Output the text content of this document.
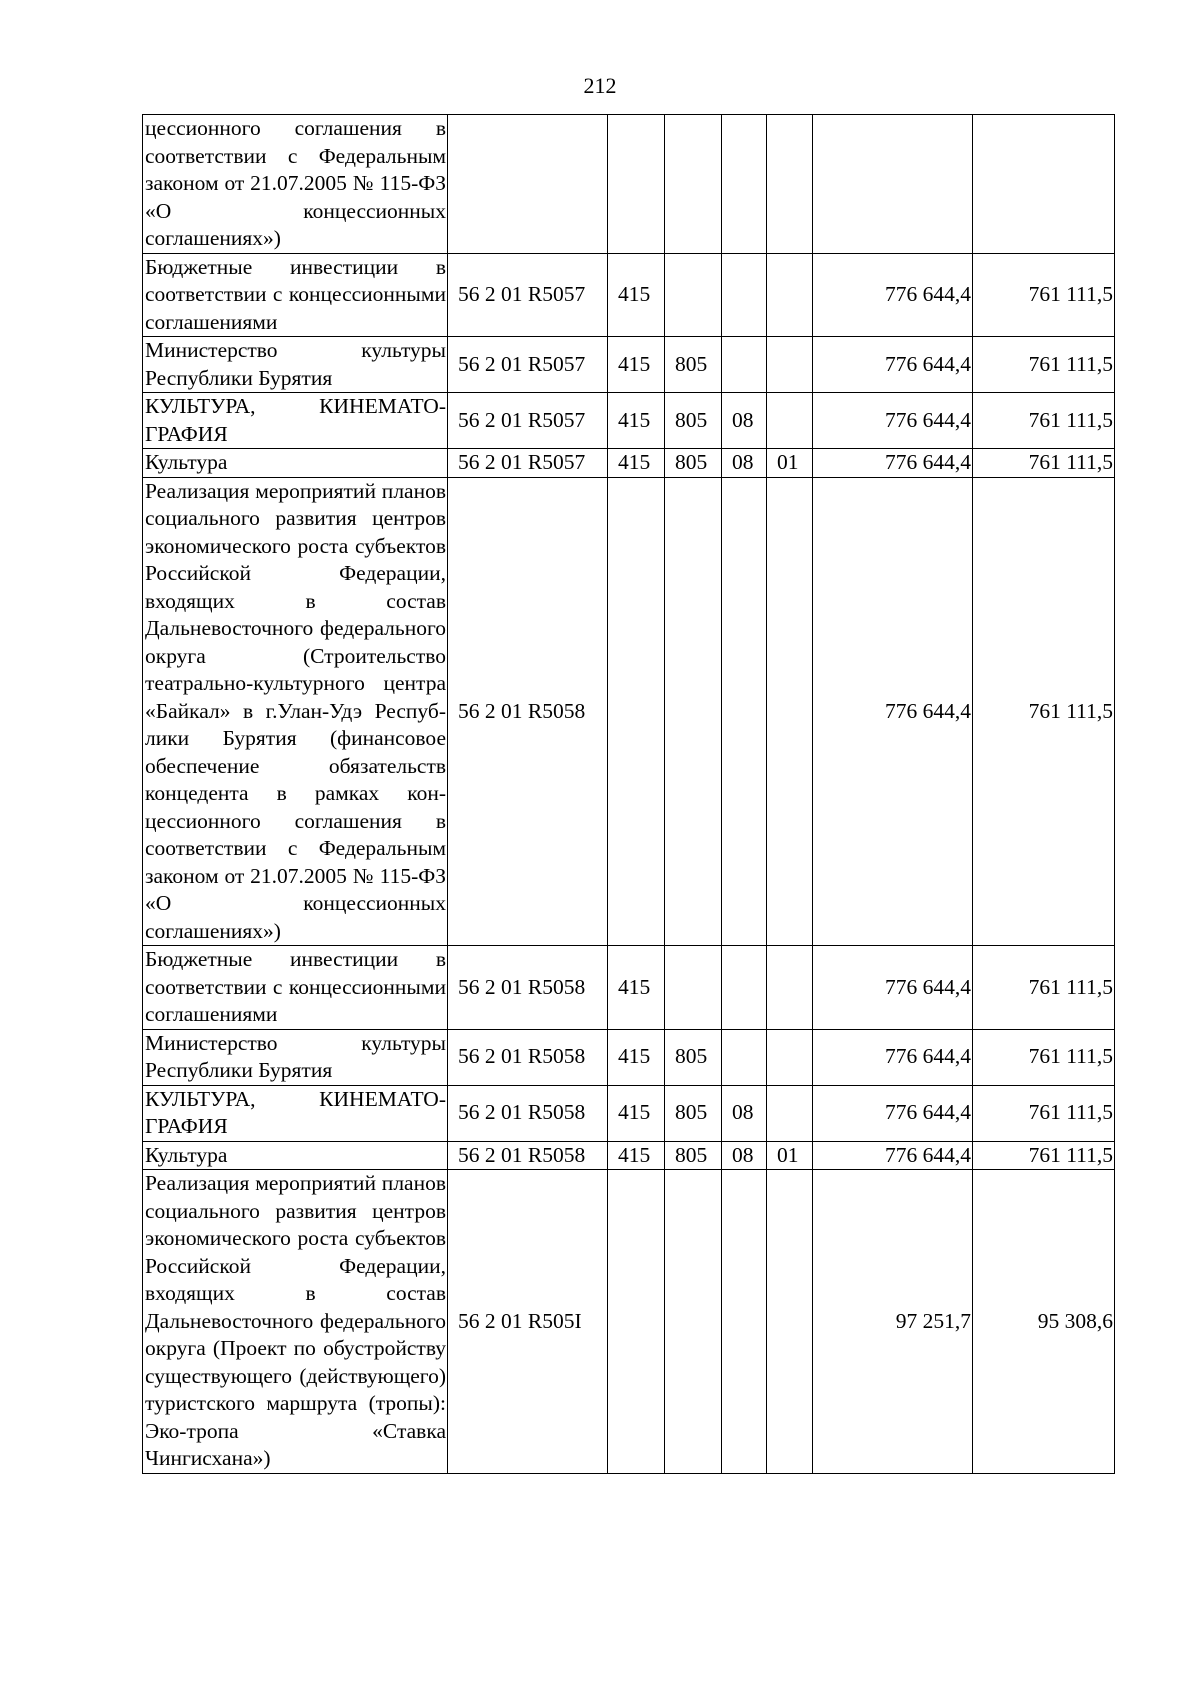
212
цессионного соглашения в соответствии с Федеральным законом от 21.07.2005 № 115-ФЗ «О концессионных соглашениях»)							
Бюджетные инвестиции в соответствии с концессионными соглашениями	56 2 01 R5057	415				776 644,4	761 111,5
Министерство культуры Республики Бурятия	56 2 01 R5057	415	805			776 644,4	761 111,5
КУЛЬТУРА, КИНЕМАТОГРАФИЯ	56 2 01 R5057	415	805	08		776 644,4	761 111,5
Культура	56 2 01 R5057	415	805	08	01	776 644,4	761 111,5
Реализация мероприятий планов социального развития центров экономического роста субъектов Российской Федерации, входящих в состав Дальневосточного федерального округа (Строительство театрально-культурного центра «Байкал» в г.Улан-Удэ Республики Бурятия (финансовое обеспечение обязательств концедента в рамках концессионного соглашения в соответствии с Федеральным законом от 21.07.2005 № 115-ФЗ «О концессионных соглашениях»)	56 2 01 R5058					776 644,4	761 111,5
Бюджетные инвестиции в соответствии с концессионными соглашениями	56 2 01 R5058	415				776 644,4	761 111,5
Министерство культуры Республики Бурятия	56 2 01 R5058	415	805			776 644,4	761 111,5
КУЛЬТУРА, КИНЕМАТОГРАФИЯ	56 2 01 R5058	415	805	08		776 644,4	761 111,5
Культура	56 2 01 R5058	415	805	08	01	776 644,4	761 111,5
Реализация мероприятий планов социального развития центров экономического роста субъектов Российской Федерации, входящих в состав Дальневосточного федерального округа (Проект по обустройству существующего (действующего) туристского маршрута (тропы): Эко-тропа «Ставка Чингисхана»)	56 2 01 R505I					97 251,7	95 308,6
